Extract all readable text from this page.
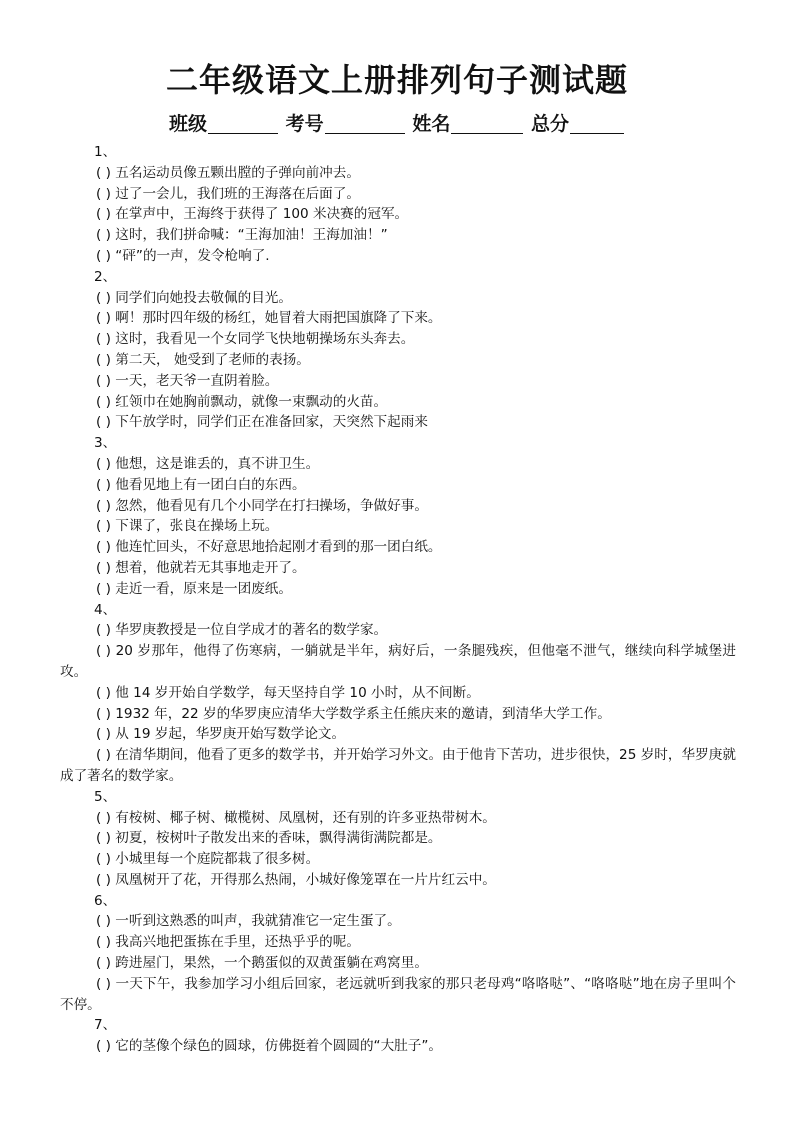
二年级语文上册排列句子测试题
班级	考号	姓名	总分
1、
( ) 五名运动员像五颗出膛的子弹向前冲去。
( ) 过了一会儿，我们班的王海落在后面了。
( ) 在掌声中，王海终于获得了 100 米决赛的冠军。
( ) 这时，我们拼命喊：“王海加油！王海加油！”
( ) “砰”的一声，发令枪响了.
2、
( ) 同学们向她投去敬佩的目光。
( ) 啊！那时四年级的杨红，她冒着大雨把国旗降了下来。
( ) 这时，我看见一个女同学飞快地朝操场东头奔去。
( ) 第二天， 她受到了老师的表扬。
( ) 一天，老天爷一直阴着脸。
( ) 红领巾在她胸前飘动，就像一束飘动的火苗。
( ) 下午放学时，同学们正在准备回家，天突然下起雨来
3、
( ) 他想，这是谁丢的，真不讲卫生。
( ) 他看见地上有一团白白的东西。
( ) 忽然，他看见有几个小同学在打扫操场，争做好事。
( ) 下课了，张良在操场上玩。
( ) 他连忙回头，不好意思地拾起刚才看到的那一团白纸。
( ) 想着，他就若无其事地走开了。
( ) 走近一看，原来是一团废纸。
4、
( ) 华罗庚教授是一位自学成才的著名的数学家。
( ) 20 岁那年，他得了伤寒病，一躺就是半年，病好后，一条腿残疾，但他毫不泄气，继续向科学城堡进攻。
( ) 他 14 岁开始自学数学，每天坚持自学 10 小时，从不间断。
( ) 1932 年，22 岁的华罗庚应清华大学数学系主任熊庆来的邀请，到清华大学工作。
( ) 从 19 岁起，华罗庚开始写数学论文。
( ) 在清华期间，他看了更多的数学书，并开始学习外文。由于他肯下苦功，进步很快，25 岁时，华罗庚就成了著名的数学家。
5、
( ) 有桉树、椰子树、橄榄树、凤凰树，还有别的许多亚热带树木。
( ) 初夏，桉树叶子散发出来的香味，飘得满街满院都是。
( ) 小城里每一个庭院都栽了很多树。
( ) 凤凰树开了花，开得那么热闹，小城好像笼罩在一片片红云中。
6、
( ) 一听到这熟悉的叫声，我就猜准它一定生蛋了。
( ) 我高兴地把蛋拣在手里，还热乎乎的呢。
( ) 跨进屋门，果然，一个鹅蛋似的双黄蛋躺在鸡窝里。
( ) 一天下午，我参加学习小组后回家，老远就听到我家的那只老母鸡“咯咯哒”、“咯咯哒”地在房子里叫个不停。
7、
( ) 它的茎像个绿色的圆球，仿佛挺着个圆圆的“大肚子”。
